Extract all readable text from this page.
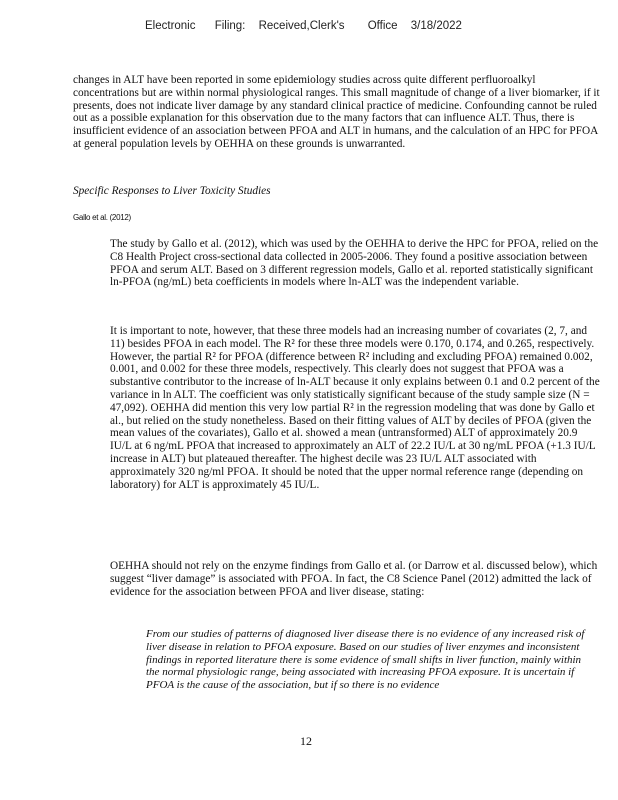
Electronic Filing: Received,Clerk's Office 3/18/2022

changes in ALT have been reported in some epidemiology studies across quite different perfluoroalkyl concentrations but are within normal physiological ranges. This small magnitude of change of a liver biomarker, if it presents, does not indicate liver damage by any standard clinical practice of medicine. Confounding cannot be ruled out as a possible explanation for this observation due to the many factors that can influence ALT. Thus, there is insufficient evidence of an association between PFOA and ALT in humans, and the calculation of an HPC for PFOA at general population levels by OEHHA on these grounds is unwarranted.

Specific Responses to Liver Toxicity Studies
Gallo et al. (2012)

The study by Gallo et al. (2012), which was used by the OEHHA to derive the HPC for PFOA, relied on the C8 Health Project cross-sectional data collected in 2005-2006. They found a positive association between PFOA and serum ALT. Based on 3 different regression models, Gallo et al. reported statistically significant ln-PFOA (ng/mL) beta coefficients in models where ln-ALT was the independent variable.

It is important to note, however, that these three models had an increasing number of covariates (2, 7, and 11) besides PFOA in each model. The R² for these three models were 0.170, 0.174, and 0.265, respectively. However, the partial R² for PFOA (difference between R² including and excluding PFOA) remained 0.002, 0.001, and 0.002 for these three models, respectively. This clearly does not suggest that PFOA was a substantive contributor to the increase of ln-ALT because it only explains between 0.1 and 0.2 percent of the variance in ln ALT. The coefficient was only statistically significant because of the study sample size (N = 47,092). OEHHA did mention this very low partial R² in the regression modeling that was done by Gallo et al., but relied on the study nonetheless. Based on their fitting values of ALT by deciles of PFOA (given the mean values of the covariates), Gallo et al. showed a mean (untransformed) ALT of approximately 20.9 IU/L at 6 ng/mL PFOA that increased to approximately an ALT of 22.2 IU/L at 30 ng/mL PFOA (+1.3 IU/L increase in ALT) but plateaued thereafter. The highest decile was 23 IU/L ALT associated with approximately 320 ng/ml PFOA. It should be noted that the upper normal reference range (depending on laboratory) for ALT is approximately 45 IU/L.

OEHHA should not rely on the enzyme findings from Gallo et al. (or Darrow et al. discussed below), which suggest “liver damage” is associated with PFOA. In fact, the C8 Science Panel (2012) admitted the lack of evidence for the association between PFOA and liver disease, stating:

From our studies of patterns of diagnosed liver disease there is no evidence of any increased risk of liver disease in relation to PFOA exposure. Based on our studies of liver enzymes and inconsistent findings in reported literature there is some evidence of small shifts in liver function, mainly within the normal physiologic range, being associated with increasing PFOA exposure. It is uncertain if PFOA is the cause of the association, but if so there is no evidence

12
